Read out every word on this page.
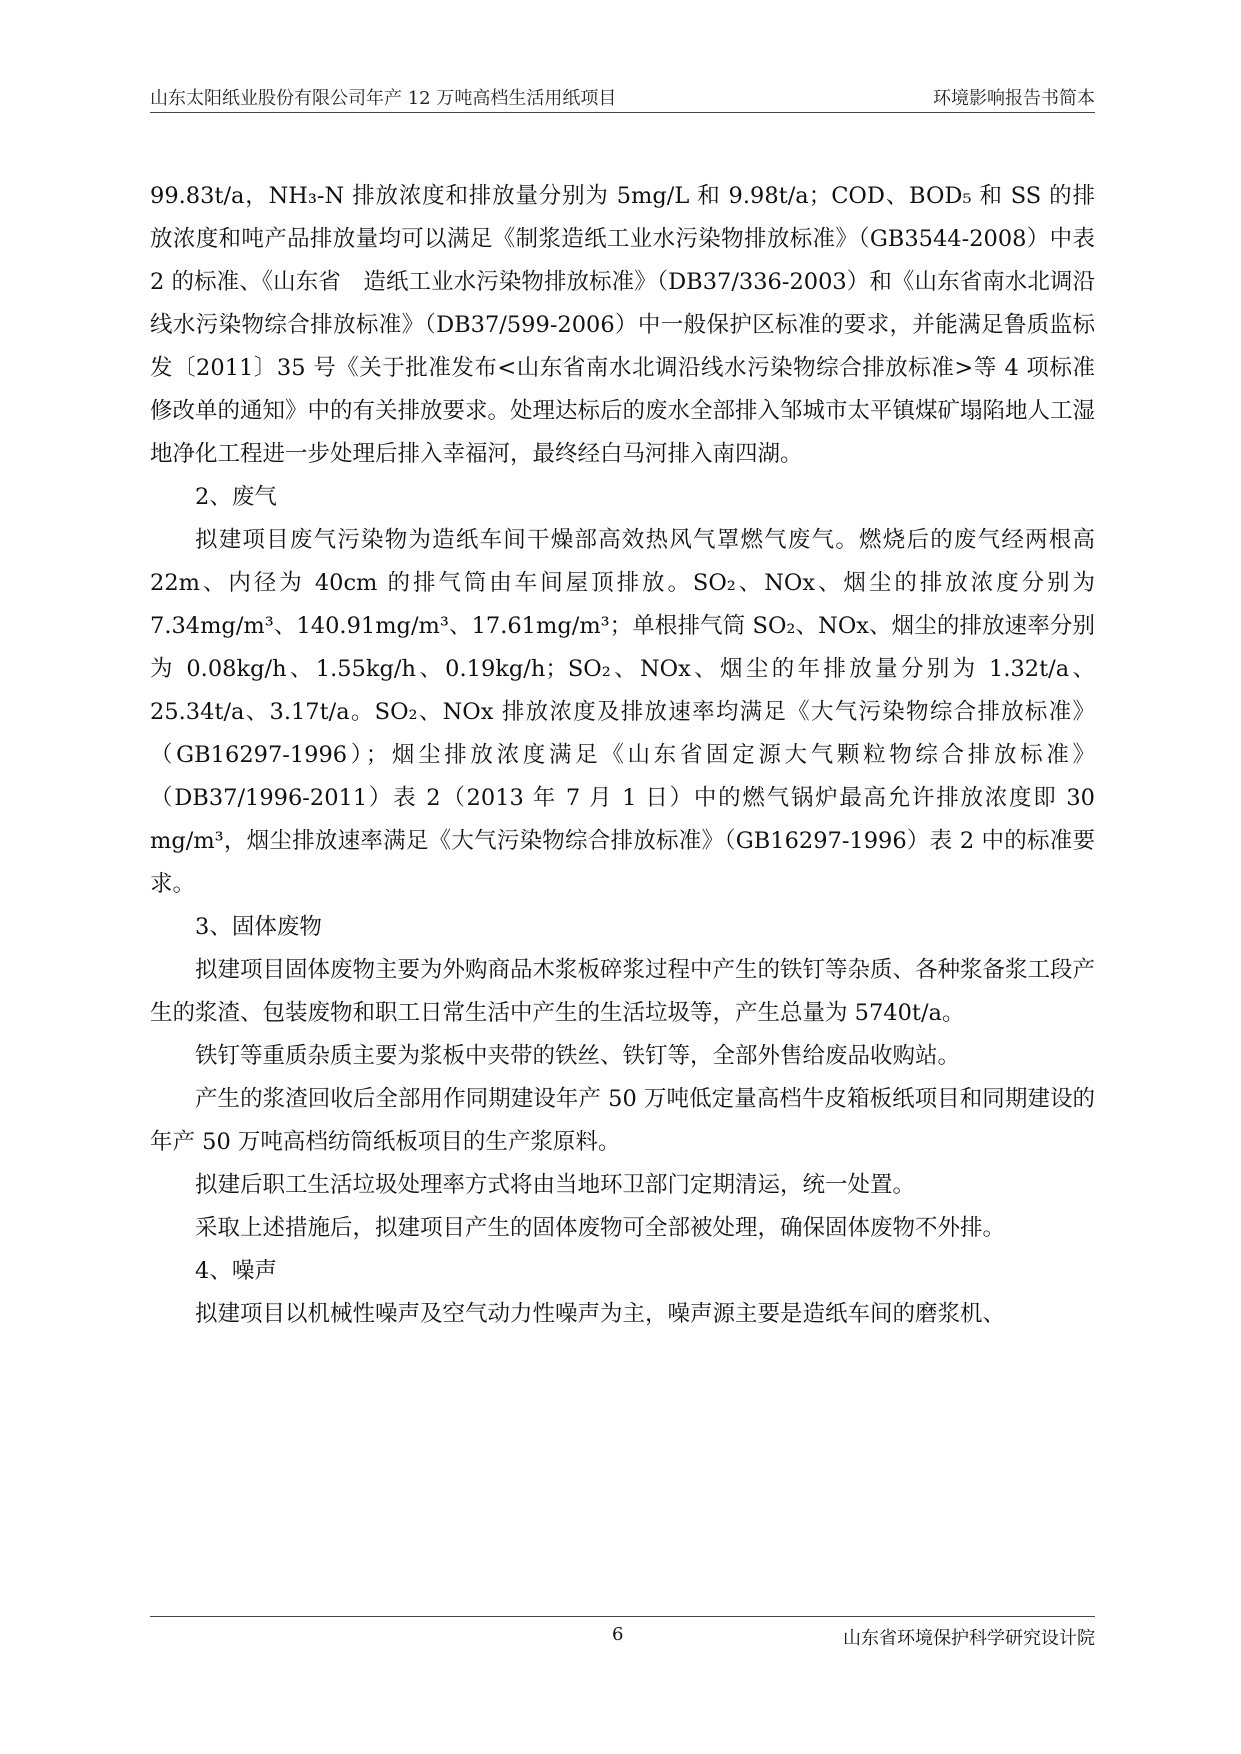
山东太阳纸业股份有限公司年产 12 万吨高档生活用纸项目	环境影响报告书简本

99.83t/a，NH₃-N 排放浓度和排放量分别为 5mg/L 和 9.98t/a；COD、BOD₅ 和 SS 的排放浓度和吨产品排放量均可以满足《制浆造纸工业水污染物排放标准》（GB3544-2008）中表 2 的标准、《山东省　造纸工业水污染物排放标准》（DB37/336-2003）和《山东省南水北调沿线水污染物综合排放标准》（DB37/599-2006）中一般保护区标准的要求，并能满足鲁质监标发〔2011〕35 号《关于批准发布<山东省南水北调沿线水污染物综合排放标准>等 4 项标准修改单的通知》中的有关排放要求。处理达标后的废水全部排入邹城市太平镇煤矿塌陷地人工湿地净化工程进一步处理后排入幸福河，最终经白马河排入南四湖。

2、废气

拟建项目废气污染物为造纸车间干燥部高效热风气罩燃气废气。燃烧后的废气经两根高 22m、内径为 40cm 的排气筒由车间屋顶排放。SO₂、NOx、烟尘的排放浓度分别为 7.34mg/m³、140.91mg/m³、17.61mg/m³；单根排气筒 SO₂、NOx、烟尘的排放速率分别为 0.08kg/h、1.55kg/h、0.19kg/h；SO₂、NOx、烟尘的年排放量分别为 1.32t/a、25.34t/a、3.17t/a。SO₂、NOx 排放浓度及排放速率均满足《大气污染物综合排放标准》（GB16297-1996）；烟尘排放浓度满足《山东省固定源大气颗粒物综合排放标准》（DB37/1996-2011）表 2（2013 年 7 月 1 日）中的燃气锅炉最高允许排放浓度即 30 mg/m³，烟尘排放速率满足《大气污染物综合排放标准》（GB16297-1996）表 2 中的标准要求。

3、固体废物

拟建项目固体废物主要为外购商品木浆板碎浆过程中产生的铁钉等杂质、各种浆备浆工段产生的浆渣、包装废物和职工日常生活中产生的生活垃圾等，产生总量为 5740t/a。

铁钉等重质杂质主要为浆板中夹带的铁丝、铁钉等，全部外售给废品收购站。

产生的浆渣回收后全部用作同期建设年产 50 万吨低定量高档牛皮箱板纸项目和同期建设的年产 50 万吨高档纺筒纸板项目的生产浆原料。

拟建后职工生活垃圾处理率方式将由当地环卫部门定期清运，统一处置。

采取上述措施后，拟建项目产生的固体废物可全部被处理，确保固体废物不外排。

4、噪声

拟建项目以机械性噪声及空气动力性噪声为主，噪声源主要是造纸车间的磨浆机、

6	山东省环境保护科学研究设计院
